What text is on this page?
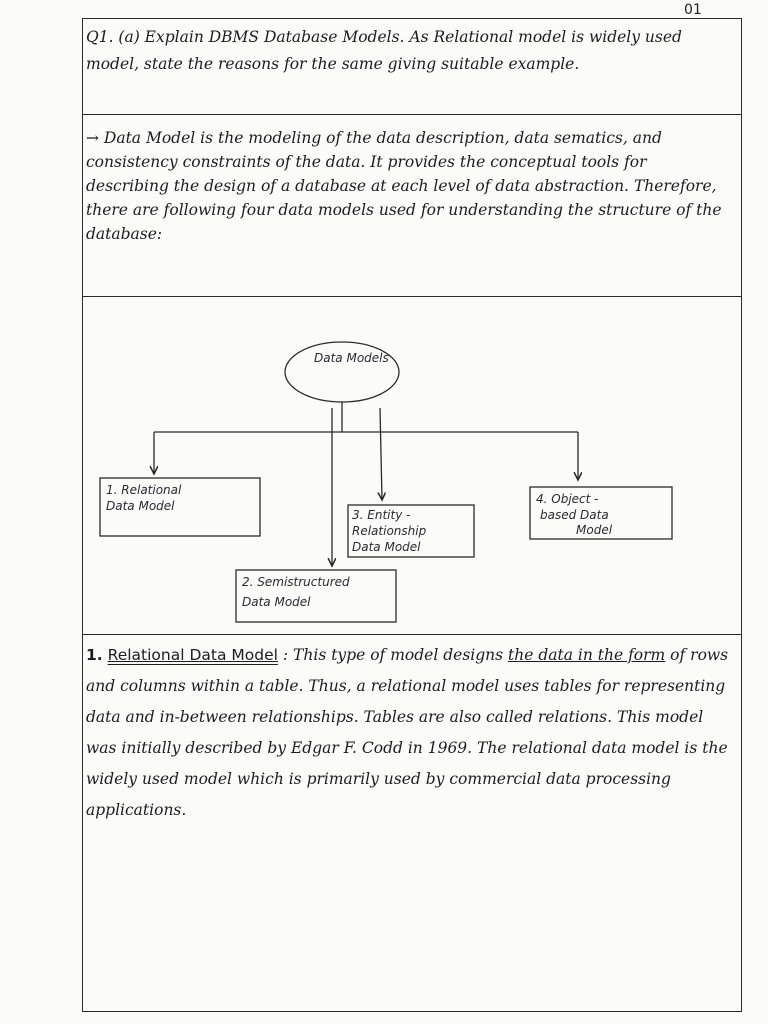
01

Q1. (a) Explain DBMS Database Models. As Relational model is widely used model, state the reasons for the same giving suitable example.

→ Data Model is the modeling of the data description, data sematics, and consistency constraints of the data. It provides the conceptual tools for describing the design of a database at each level of data abstraction. Therefore, there are following four data models used for understanding the structure of the database:

Data Models
1. Relational Data Model
3. Entity - Relationship Data Model
4. Object - based Data Model
2. Semistructured Data Model

1. Relational Data Model : This type of model designs the data in the form of rows and columns within a table. Thus, a relational model uses tables for representing data and in-between relationships. Tables are also called relations. This model was initially described by Edgar F. Codd in 1969. The relational data model is the widely used model which is primarily used by commercial data processing applications.
